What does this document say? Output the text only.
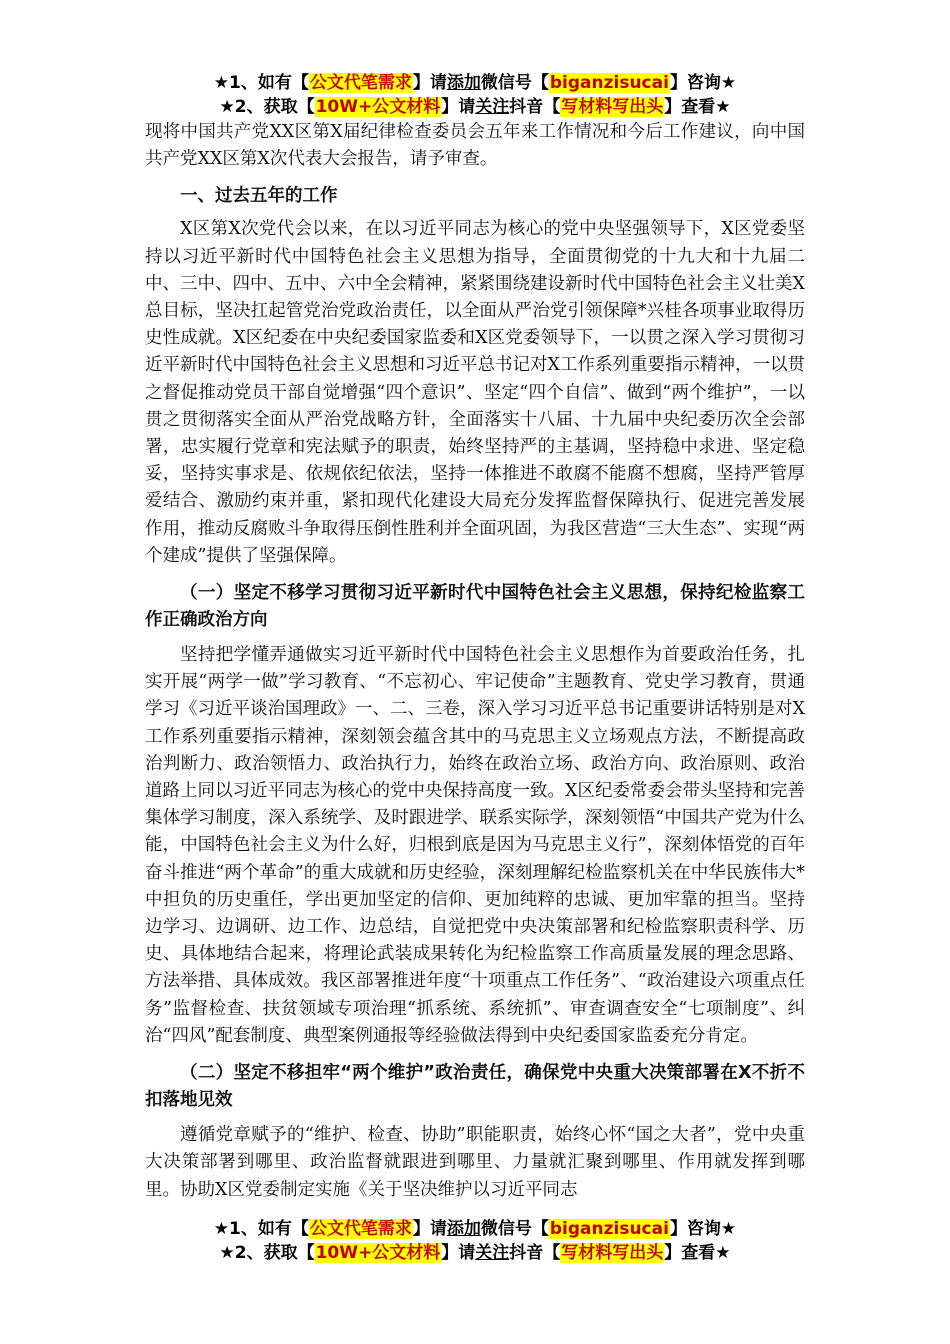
★1、如有【公文代笔需求】请添加微信号【biganzisucai】咨询★
★2、获取【10W+公文材料】请关注抖音【写材料写出头】查看★

现将中国共产党XX区第X届纪律检查委员会五年来工作情况和今后工作建议，向中国共产党XX区第X次代表大会报告，请予审查。

一、过去五年的工作

X区第X次党代会以来，在以习近平同志为核心的党中央坚强领导下，X区党委坚持以习近平新时代中国特色社会主义思想为指导，全面贯彻党的十九大和十九届二中、三中、四中、五中、六中全会精神，紧紧围绕建设新时代中国特色社会主义壮美X总目标，坚决扛起管党治党政治责任，以全面从严治党引领保障*兴桂各项事业取得历史性成就。X区纪委在中央纪委国家监委和X区党委领导下，一以贯之深入学习贯彻习近平新时代中国特色社会主义思想和习近平总书记对X工作系列重要指示精神，一以贯之督促推动党员干部自觉增强“四个意识”、坚定“四个自信”、做到“两个维护”，一以贯之贯彻落实全面从严治党战略方针，全面落实十八届、十九届中央纪委历次全会部署，忠实履行党章和宪法赋予的职责，始终坚持严的主基调，坚持稳中求进、坚定稳妥，坚持实事求是、依规依纪依法，坚持一体推进不敢腐不能腐不想腐，坚持严管厚爱结合、激励约束并重，紧扣现代化建设大局充分发挥监督保障执行、促进完善发展作用，推动反腐败斗争取得压倒性胜利并全面巩固，为我区营造“三大生态”、实现“两个建成”提供了坚强保障。

（一）坚定不移学习贯彻习近平新时代中国特色社会主义思想，保持纪检监察工作正确政治方向

坚持把学懂弄通做实习近平新时代中国特色社会主义思想作为首要政治任务，扎实开展“两学一做”学习教育、“不忘初心、牢记使命”主题教育、党史学习教育，贯通学习《习近平谈治国理政》一、二、三卷，深入学习习近平总书记重要讲话特别是对X工作系列重要指示精神，深刻领会蕴含其中的马克思主义立场观点方法，不断提高政治判断力、政治领悟力、政治执行力，始终在政治立场、政治方向、政治原则、政治道路上同以习近平同志为核心的党中央保持高度一致。X区纪委常委会带头坚持和完善集体学习制度，深入系统学、及时跟进学、联系实际学，深刻领悟“中国共产党为什么能，中国特色社会主义为什么好，归根到底是因为马克思主义行”，深刻体悟党的百年奋斗推进“两个革命”的重大成就和历史经验，深刻理解纪检监察机关在中华民族伟大*中担负的历史重任，学出更加坚定的信仰、更加纯粹的忠诚、更加牢靠的担当。坚持边学习、边调研、边工作、边总结，自觉把党中央决策部署和纪检监察职责科学、历史、具体地结合起来，将理论武装成果转化为纪检监察工作高质量发展的理念思路、方法举措、具体成效。我区部署推进年度“十项重点工作任务”、“政治建设六项重点任务”监督检查、扶贫领域专项治理“抓系统、系统抓”、审查调查安全“七项制度”、纠治“四风”配套制度、典型案例通报等经验做法得到中央纪委国家监委充分肯定。

（二）坚定不移担牢“两个维护”政治责任，确保党中央重大决策部署在X不折不扣落地见效

遵循党章赋予的“维护、检查、协助”职能职责，始终心怀“国之大者”，党中央重大决策部署到哪里、政治监督就跟进到哪里、力量就汇聚到哪里、作用就发挥到哪里。协助X区党委制定实施《关于坚决维护以习近平同志

★1、如有【公文代笔需求】请添加微信号【biganzisucai】咨询★
★2、获取【10W+公文材料】请关注抖音【写材料写出头】查看★
